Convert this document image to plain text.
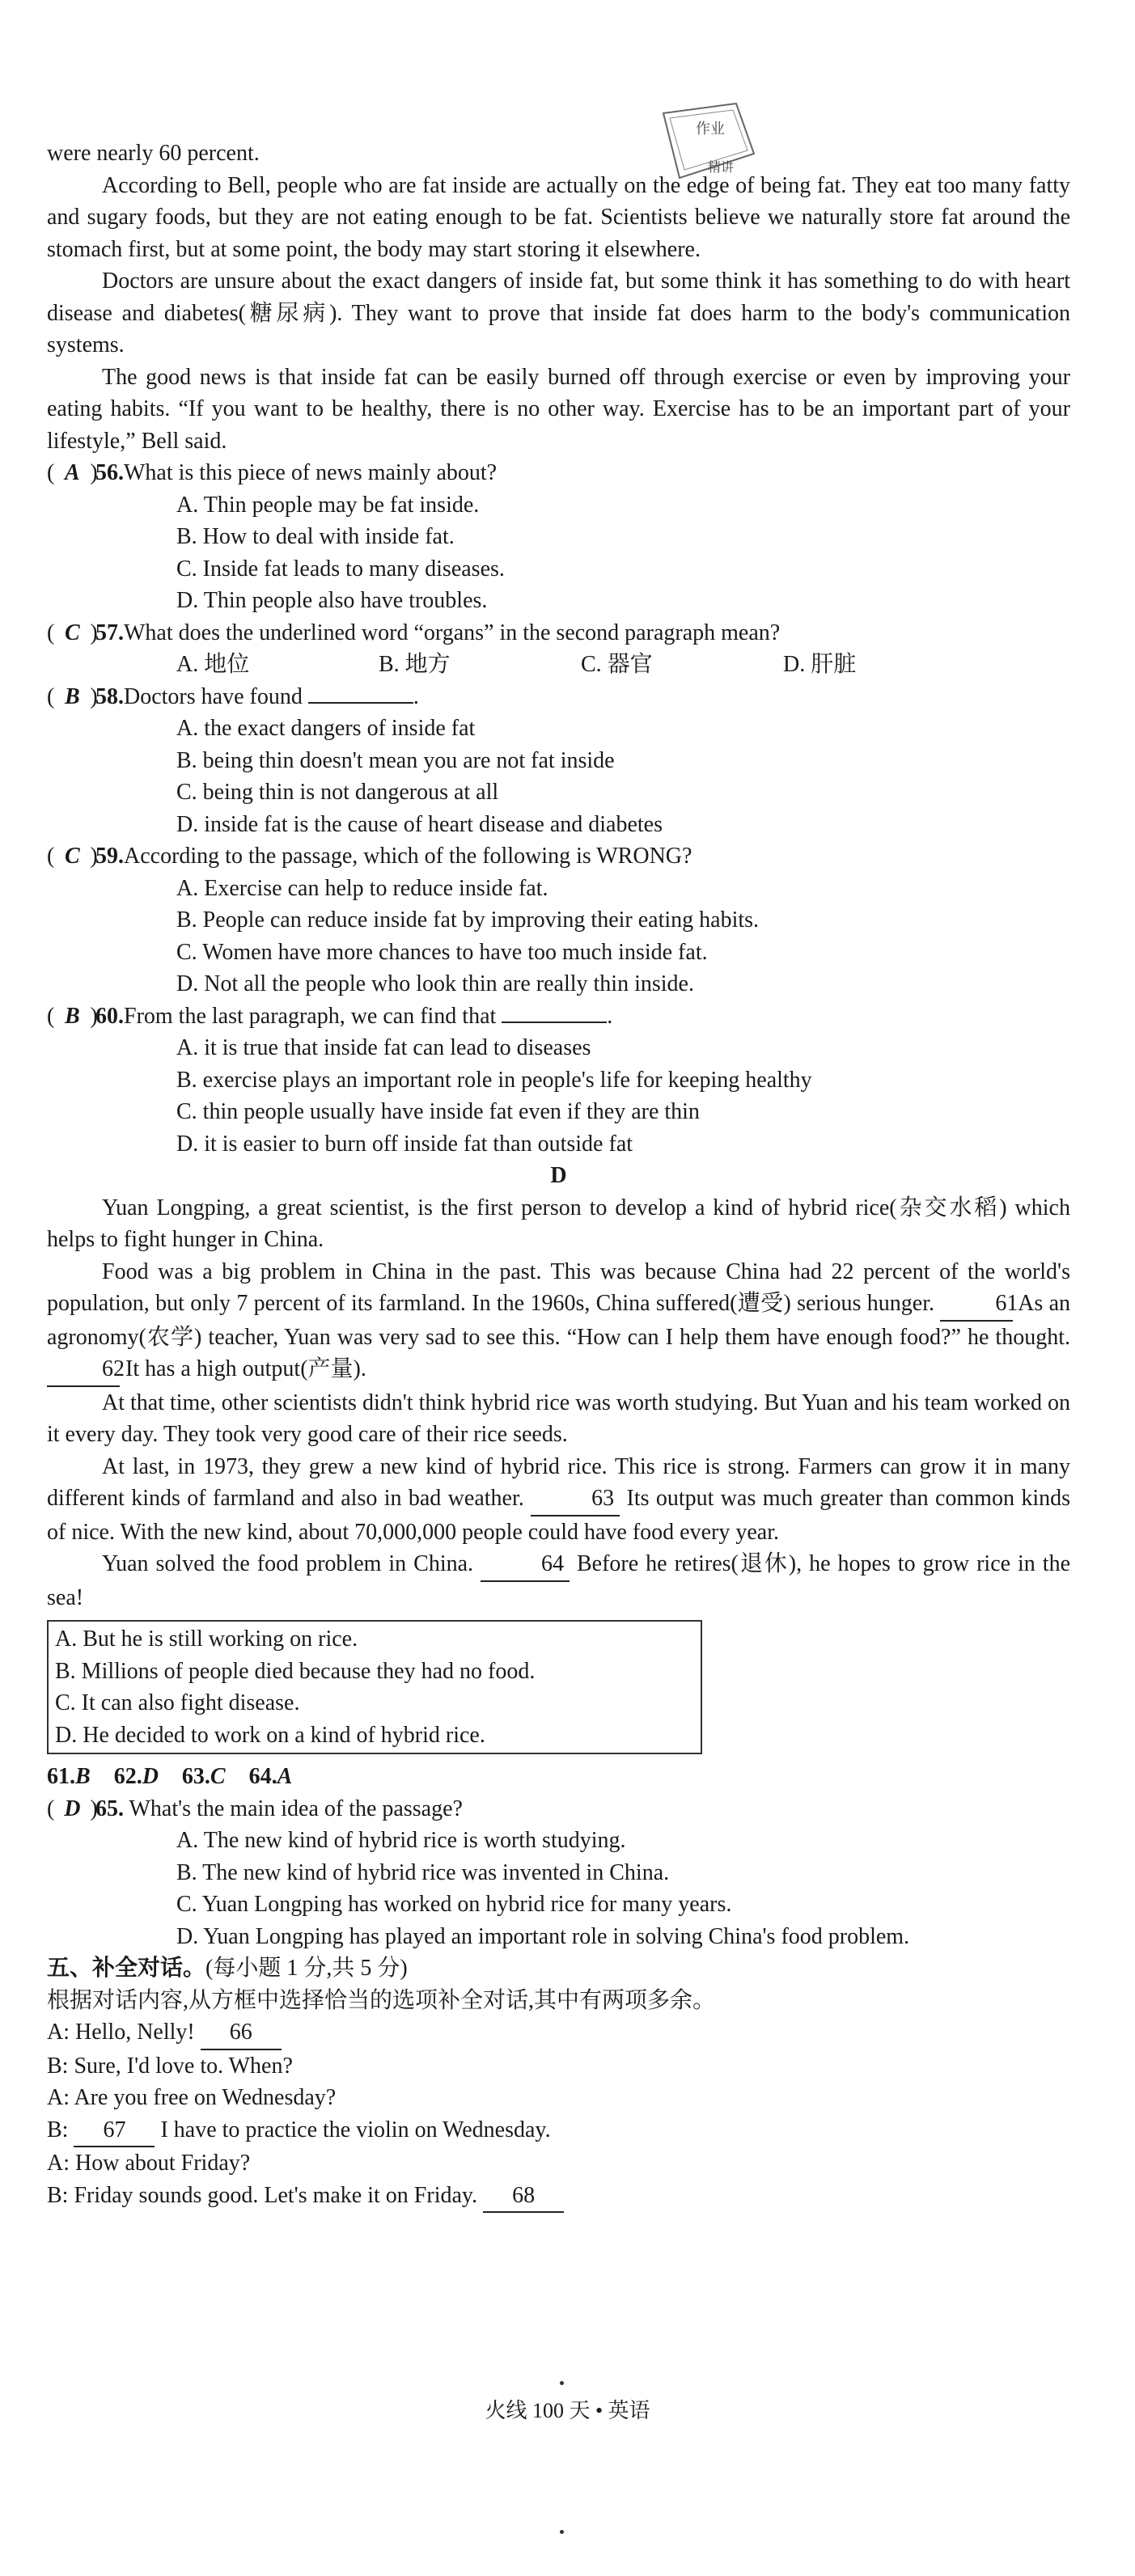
作业
精讲

were nearly 60 percent.

According to Bell, people who are fat inside are actually on the edge of being fat. They eat too many fatty and sugary foods, but they are not eating enough to be fat. Scientists believe we naturally store fat around the stomach first, but at some point, the body may start storing it elsewhere.

Doctors are unsure about the exact dangers of inside fat, but some think it has something to do with heart disease and diabetes(糖尿病). They want to prove that inside fat does harm to the body's communication systems.

The good news is that inside fat can be easily burned off through exercise or even by improving your eating habits. “If you want to be healthy, there is no other way. Exercise has to be an important part of your lifestyle,” Bell said.

( A )
56.What is this piece of news mainly about?

A. Thin people may be fat inside.

B. How to deal with inside fat.

C. Inside fat leads to many diseases.

D. Thin people also have troubles.

( C )
57.What does the underlined word “organs” in the second paragraph mean?
A. 地位	B. 地方	C. 器官	D. 肝脏
( B )
58.Doctors have found	.

A. the exact dangers of inside fat

B. being thin doesn't mean you are not fat inside

C. being thin is not dangerous at all

D. inside fat is the cause of heart disease and diabetes

( C )
59.According to the passage, which of the following is WRONG?

A. Exercise can help to reduce inside fat.

B. People can reduce inside fat by improving their eating habits.

C. Women have more chances to have too much inside fat.

D. Not all the people who look thin are really thin inside.

( B )
60.From the last paragraph, we can find that	.

A. it is true that inside fat can lead to diseases

B. exercise plays an important role in people's life for keeping healthy

C. thin people usually have inside fat even if they are thin

D. it is easier to burn off inside fat than outside fat

D

Yuan Longping, a great scientist, is the first person to develop a kind of hybrid rice(杂交水稻) which helps to fight hunger in China.

Food was a big problem in China in the past. This was because China had 22 percent of the world's population, but only 7 percent of its farmland. In the 1960s, China suffered(遭受) serious hunger.	61 As an agronomy(农学) teacher, Yuan was very sad to see this. “How can I help them have enough food?” he thought. 62 It has a high output(产量).

At that time, other scientists didn't think hybrid rice was worth studying. But Yuan and his team worked on it every day. They took very good care of their rice seeds.

At last, in 1973, they grew a new kind of hybrid rice. This rice is strong. Farmers can grow it in many different kinds of farmland and also in bad weather.	63 Its output was much greater than common kinds of nice. With the new kind, about 70,000,000 people could have food every year.

Yuan solved the food problem in China.	64 Before he retires(退休), he hopes to grow rice in the sea!

A. But he is still working on rice.

B. Millions of people died because they had no food.

C. It can also fight disease.

D. He decided to work on a kind of hybrid rice.

61.B 62.D 63.C 64.A

( D )
65. What's the main idea of the passage?

A. The new kind of hybrid rice is worth studying.

B. The new kind of hybrid rice was invented in China.

C. Yuan Longping has worked on hybrid rice for many years.

D. Yuan Longping has played an important role in solving China's food problem.

五、补全对话。(每小题 1 分,共 5 分)

根据对话内容,从方框中选择恰当的选项补全对话,其中有两项多余。

A: Hello, Nelly! 66

B: Sure, I'd love to. When?

A: Are you free on Wednesday?

B: 67 I have to practice the violin on Wednesday.

A: How about Friday?

B: Friday sounds good. Let's make it on Friday. 68

火线 100 天 • 英语
